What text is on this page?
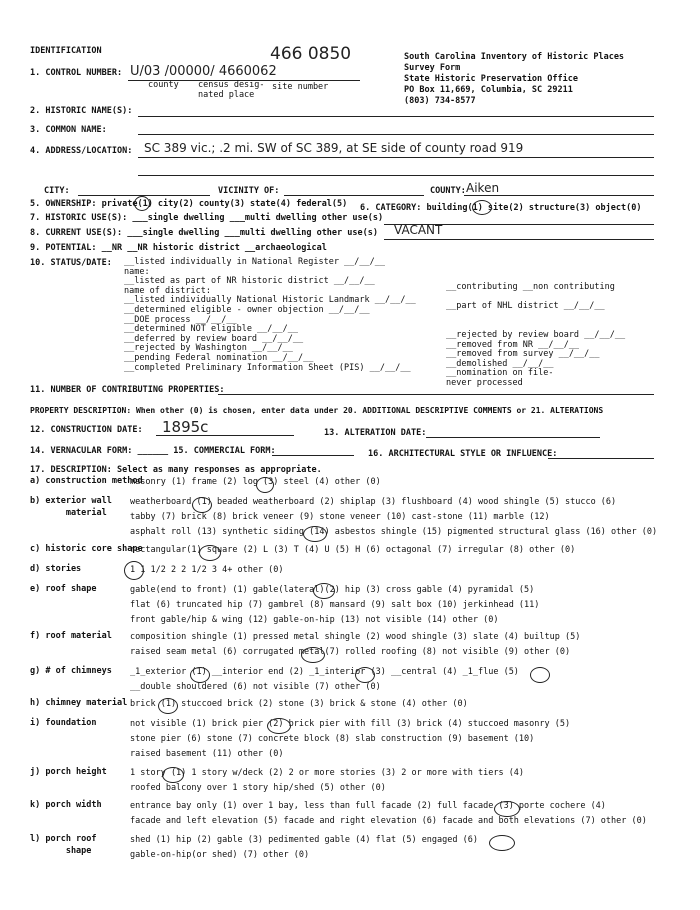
IDENTIFICATION	466 0850	South Carolina Inventory of Historic Places
Survey Form
State Historic Preservation Office
PO Box 11,669, Columbia, SC 29211
(803) 734-8577
1. CONTROL NUMBER: U/03 /00000/ 4660062
county census desig-
nated place
site number
2. HISTORIC NAME(S):
3. COMMON NAME:
4. ADDRESS/LOCATION: SC 389 vic.; .2 mi. SW of SC 389, at SE side of county road 919
CITY:	VICINITY OF:	COUNTY: Aiken
5. OWNERSHIP: private(1) city(2) county(3) state(4) federal(5) 6. CATEGORY: building(1) site(2) structure(3) object(0)
7. HISTORIC USE(S): ___single dwelling ___multi dwelling other use(s)
8. CURRENT USE(S): ___single dwelling ___multi dwelling other use(s) VACANT
9. POTENTIAL: __NR __NR historic district __archaeological
10. STATUS/DATE: __listed individually in National Register __/__/__
name:
__listed as part of NR historic district __/__/__
name of district:
__listed individually National Historic Landmark __/__/__
__determined eligible - owner objection __/__/__
__DOE process __/__/__
__determined NOT eligible __/__/__
__deferred by review board __/__/__
__rejected by Washington __/__/__
__pending Federal nomination __/__/__
__completed Preliminary Information Sheet (PIS) __/__/__
__contributing __non contributing

__part of NHL district __/__/__

__rejected by review board __/__/__
__removed from NR __/__/__
__removed from survey __/__/__
__demolished __/__/__
__nomination on file-
never processed
11. NUMBER OF CONTRIBUTING PROPERTIES:
PROPERTY DESCRIPTION: When other (0) is chosen, enter data under 20. ADDITIONAL DESCRIPTIVE COMMENTS or 21. ALTERATIONS
12. CONSTRUCTION DATE: 1895c	13. ALTERATION DATE:
14. VERNACULAR FORM: ______ 15. COMMERCIAL FORM:	16. ARCHITECTURAL STYLE OR INFLUENCE:
17. DESCRIPTION: Select as many responses as appropriate.
a) construction method
masonry (1) frame (2) log (3) steel (4) other (0)
b) exterior wall
material
weatherboard (1) beaded weatherboard (2) shiplap (3) flushboard (4) wood shingle (5) stucco (6)
tabby (7) brick (8) brick veneer (9) stone veneer (10) cast-stone (11) marble (12)
asphalt roll (13) synthetic siding (14) asbestos shingle (15) pigmented structural glass (16) other (0)
c) historic core shape
rectangular(1) square (2) L (3) T (4) U (5) H (6) octagonal (7) irregular (8) other (0)
d) stories	1 1 1/2 2 2 1/2 3 4+ other (0)
e) roof shape	gable(end to front) (1) gable(lateral)(2) hip (3) cross gable (4) pyramidal (5)
flat (6) truncated hip (7) gambrel (8) mansard (9) salt box (10) jerkinhead (11)
front gable/hip & wing (12) gable-on-hip (13) not visible (14) other (0)
f) roof material composition shingle (1) pressed metal shingle (2) wood shingle (3) slate (4) builtup (5)
raised seam metal (6) corrugated metal(7) rolled roofing (8) not visible (9) other (0)
g) # of chimneys _1_exterior (1) __interior end (2) _1_interior (3) __central (4) _1_flue (5)
__double shouldered (6) not visible (7) other (0)
h) chimney material brick (1) stuccoed brick (2) stone (3) brick & stone (4) other (0)
i) foundation	not visible (1) brick pier (2) brick pier with fill (3) brick (4) stuccoed masonry (5)
stone pier (6) stone (7) concrete block (8) slab construction (9) basement (10)
raised basement (11) other (0)
j) porch height	1 story (1) 1 story w/deck (2) 2 or more stories (3) 2 or more with tiers (4)
roofed balcony over 1 story hip/shed (5) other (0)
k) porch width	entrance bay only (1) over 1 bay, less than full facade (2) full facade (3) porte cochere (4)
facade and left elevation (5) facade and right elevation (6) facade and both elevations (7) other (0)
l) porch roof
shape
shed (1) hip (2) gable (3) pedimented gable (4) flat (5) engaged (6)
gable-on-hip(or shed) (7) other (0)
